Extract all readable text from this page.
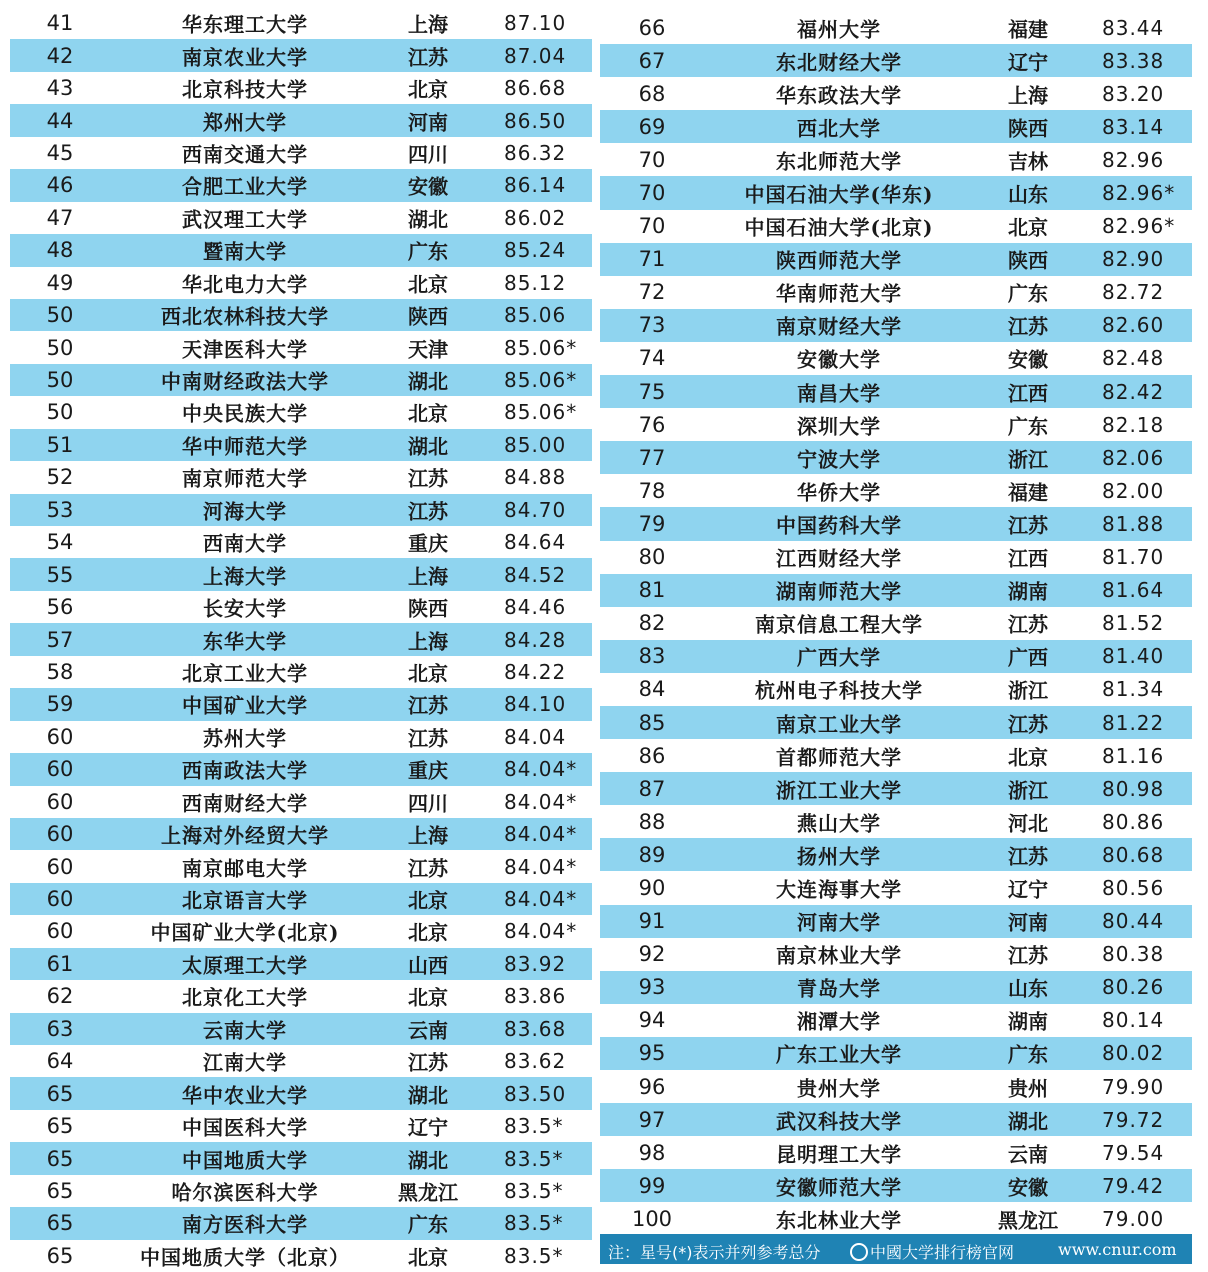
41	华东理工大学	上海	87.10
42	南京农业大学	江苏	87.04
43	北京科技大学	北京	86.68
44	郑州大学	河南	86.50
45	西南交通大学	四川	86.32
46	合肥工业大学	安徽	86.14
47	武汉理工大学	湖北	86.02
48	暨南大学	广东	85.24
49	华北电力大学	北京	85.12
50	西北农林科技大学	陕西	85.06
50	天津医科大学	天津	85.06*
50	中南财经政法大学	湖北	85.06*
50	中央民族大学	北京	85.06*
51	华中师范大学	湖北	85.00
52	南京师范大学	江苏	84.88
53	河海大学	江苏	84.70
54	西南大学	重庆	84.64
55	上海大学	上海	84.52
56	长安大学	陕西	84.46
57	东华大学	上海	84.28
58	北京工业大学	北京	84.22
59	中国矿业大学	江苏	84.10
60	苏州大学	江苏	84.04
60	西南政法大学	重庆	84.04*
60	西南财经大学	四川	84.04*
60	上海对外经贸大学	上海	84.04*
60	南京邮电大学	江苏	84.04*
60	北京语言大学	北京	84.04*
60	中国矿业大学(北京)	北京	84.04*
61	太原理工大学	山西	83.92
62	北京化工大学	北京	83.86
63	云南大学	云南	83.68
64	江南大学	江苏	83.62
65	华中农业大学	湖北	83.50
65	中国医科大学	辽宁	83.5*
65	中国地质大学	湖北	83.5*
65	哈尔滨医科大学	黑龙江	83.5*
65	南方医科大学	广东	83.5*
65	中国地质大学（北京）	北京	83.5*
66	福州大学	福建	83.44
67	东北财经大学	辽宁	83.38
68	华东政法大学	上海	83.20
69	西北大学	陕西	83.14
70	东北师范大学	吉林	82.96
70	中国石油大学(华东)	山东	82.96*
70	中国石油大学(北京)	北京	82.96*
71	陕西师范大学	陕西	82.90
72	华南师范大学	广东	82.72
73	南京财经大学	江苏	82.60
74	安徽大学	安徽	82.48
75	南昌大学	江西	82.42
76	深圳大学	广东	82.18
77	宁波大学	浙江	82.06
78	华侨大学	福建	82.00
79	中国药科大学	江苏	81.88
80	江西财经大学	江西	81.70
81	湖南师范大学	湖南	81.64
82	南京信息工程大学	江苏	81.52
83	广西大学	广西	81.40
84	杭州电子科技大学	浙江	81.34
85	南京工业大学	江苏	81.22
86	首都师范大学	北京	81.16
87	浙江工业大学	浙江	80.98
88	燕山大学	河北	80.86
89	扬州大学	江苏	80.68
90	大连海事大学	辽宁	80.56
91	河南大学	河南	80.44
92	南京林业大学	江苏	80.38
93	青岛大学	山东	80.26
94	湘潭大学	湖南	80.14
95	广东工业大学	广东	80.02
96	贵州大学	贵州	79.90
97	武汉科技大学	湖北	79.72
98	昆明理工大学	云南	79.54
99	安徽师范大学	安徽	79.42
100	东北林业大学	黑龙江	79.00
注：星号(*)表示并列参考总分	中國大学排行榜官网	www.cnur.com
